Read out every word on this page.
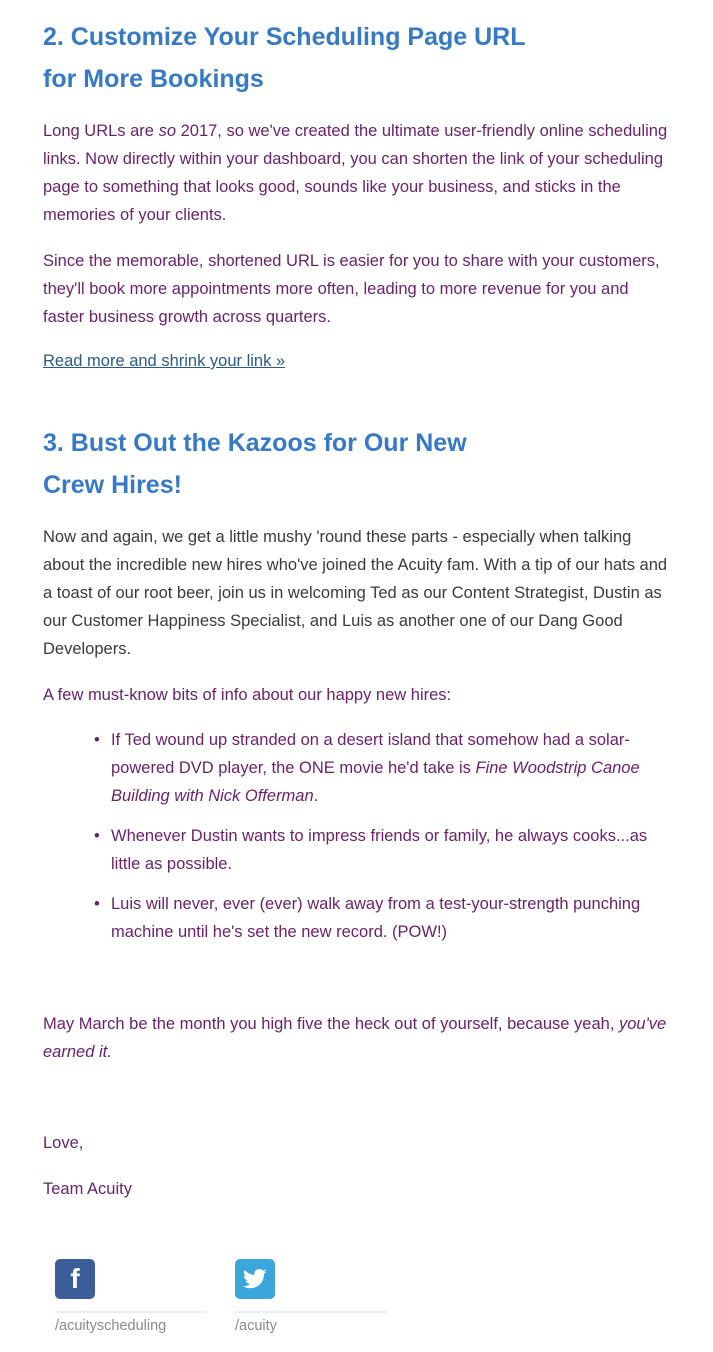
2. Customize Your Scheduling Page URL
for More Bookings

Long URLs are so 2017, so we've created the ultimate user-friendly online scheduling links. Now directly within your dashboard, you can shorten the link of your scheduling page to something that looks good, sounds like your business, and sticks in the memories of your clients.

Since the memorable, shortened URL is easier for you to share with your customers, they'll book more appointments more often, leading to more revenue for you and faster business growth across quarters.

Read more and shrink your link »
3. Bust Out the Kazoos for Our New
Crew Hires!

Now and again, we get a little mushy 'round these parts - especially when talking about the incredible new hires who've joined the Acuity fam. With a tip of our hats and a toast of our root beer, join us in welcoming Ted as our Content Strategist, Dustin as our Customer Happiness Specialist, and Luis as another one of our Dang Good Developers.

A few must-know bits of info about our happy new hires:

• If Ted wound up stranded on a desert island that somehow had a solar-powered DVD player, the ONE movie he'd take is Fine Woodstrip Canoe Building with Nick Offerman.
• Whenever Dustin wants to impress friends or family, he always cooks...as little as possible.
• Luis will never, ever (ever) walk away from a test-your-strength punching machine until he's set the new record. (POW!)

May March be the month you high five the heck out of yourself, because yeah, you've earned it.

Love,

Team Acuity

f
/acuityscheduling	/acuity
